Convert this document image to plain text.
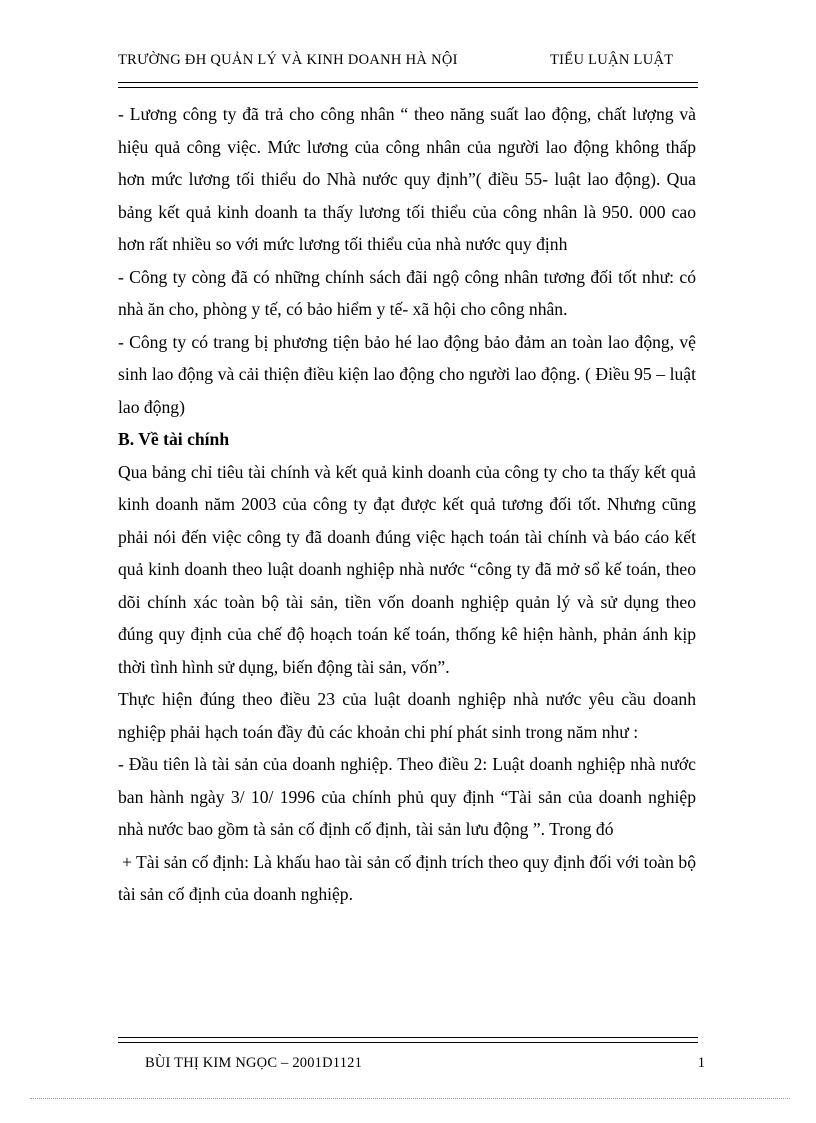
TRƯỜNG ĐH QUẢN LÝ VÀ KINH DOANH HÀ NỘI	TIỂU LUẬN LUẬT

- Lương công ty đã trả cho công nhân “ theo năng suất lao động, chất lượng và hiệu quả công việc. Mức lương của công nhân của người lao động không thấp hơn mức lương tối thiểu do Nhà nước quy định”( điều 55- luật lao động). Qua bảng kết quả kinh doanh ta thấy lương tối thiểu của công nhân là 950. 000 cao hơn rất nhiều so với mức lương tối thiểu của nhà nước quy định

- Công ty còng đã có những chính sách đãi ngộ công nhân tương đối tốt như: có nhà ăn cho, phòng y tế, có bảo hiểm y tế- xã hội cho công nhân.

- Công ty có trang bị phương tiện bảo hé lao động bảo đảm an toàn lao động, vệ sinh lao động và cải thiện điều kiện lao động cho người lao động. ( Điều 95 – luật lao động)

B. Về tài chính

Qua bảng chỉ tiêu tài chính và kết quả kinh doanh của công ty cho ta thấy kết quả kinh doanh năm 2003 của công ty đạt được kết quả tương đối tốt. Nhưng cũng phải nói đến việc công ty đã doanh đúng việc hạch toán tài chính và báo cáo kết quả kinh doanh theo luật doanh nghiệp nhà nước “công ty đã mở sổ kế toán, theo dõi chính xác toàn bộ tài sản, tiền vốn doanh nghiệp quản lý và sử dụng theo đúng quy định của chế độ hoạch toán kế toán, thống kê hiện hành, phản ánh kịp thời tình hình sử dụng, biến động tài sản, vốn”.

Thực hiện đúng theo điều 23 của luật doanh nghiệp nhà nước yêu cầu doanh nghiệp phải hạch toán đầy đủ các khoản chi phí phát sinh trong năm như :

- Đầu tiên là tài sản của doanh nghiệp. Theo điều 2: Luật doanh nghiệp nhà nước ban hành ngày 3/ 10/ 1996 của chính phủ quy định “Tài sản của doanh nghiệp nhà nước bao gồm tà sản cố định cố định, tài sản lưu động ”. Trong đó

+ Tài sản cố định: Là khấu hao tài sản cố định trích theo quy định đối với toàn bộ tài sản cố định của doanh nghiệp.

BÙI THỊ KIM NGỌC – 2001D1121	1
